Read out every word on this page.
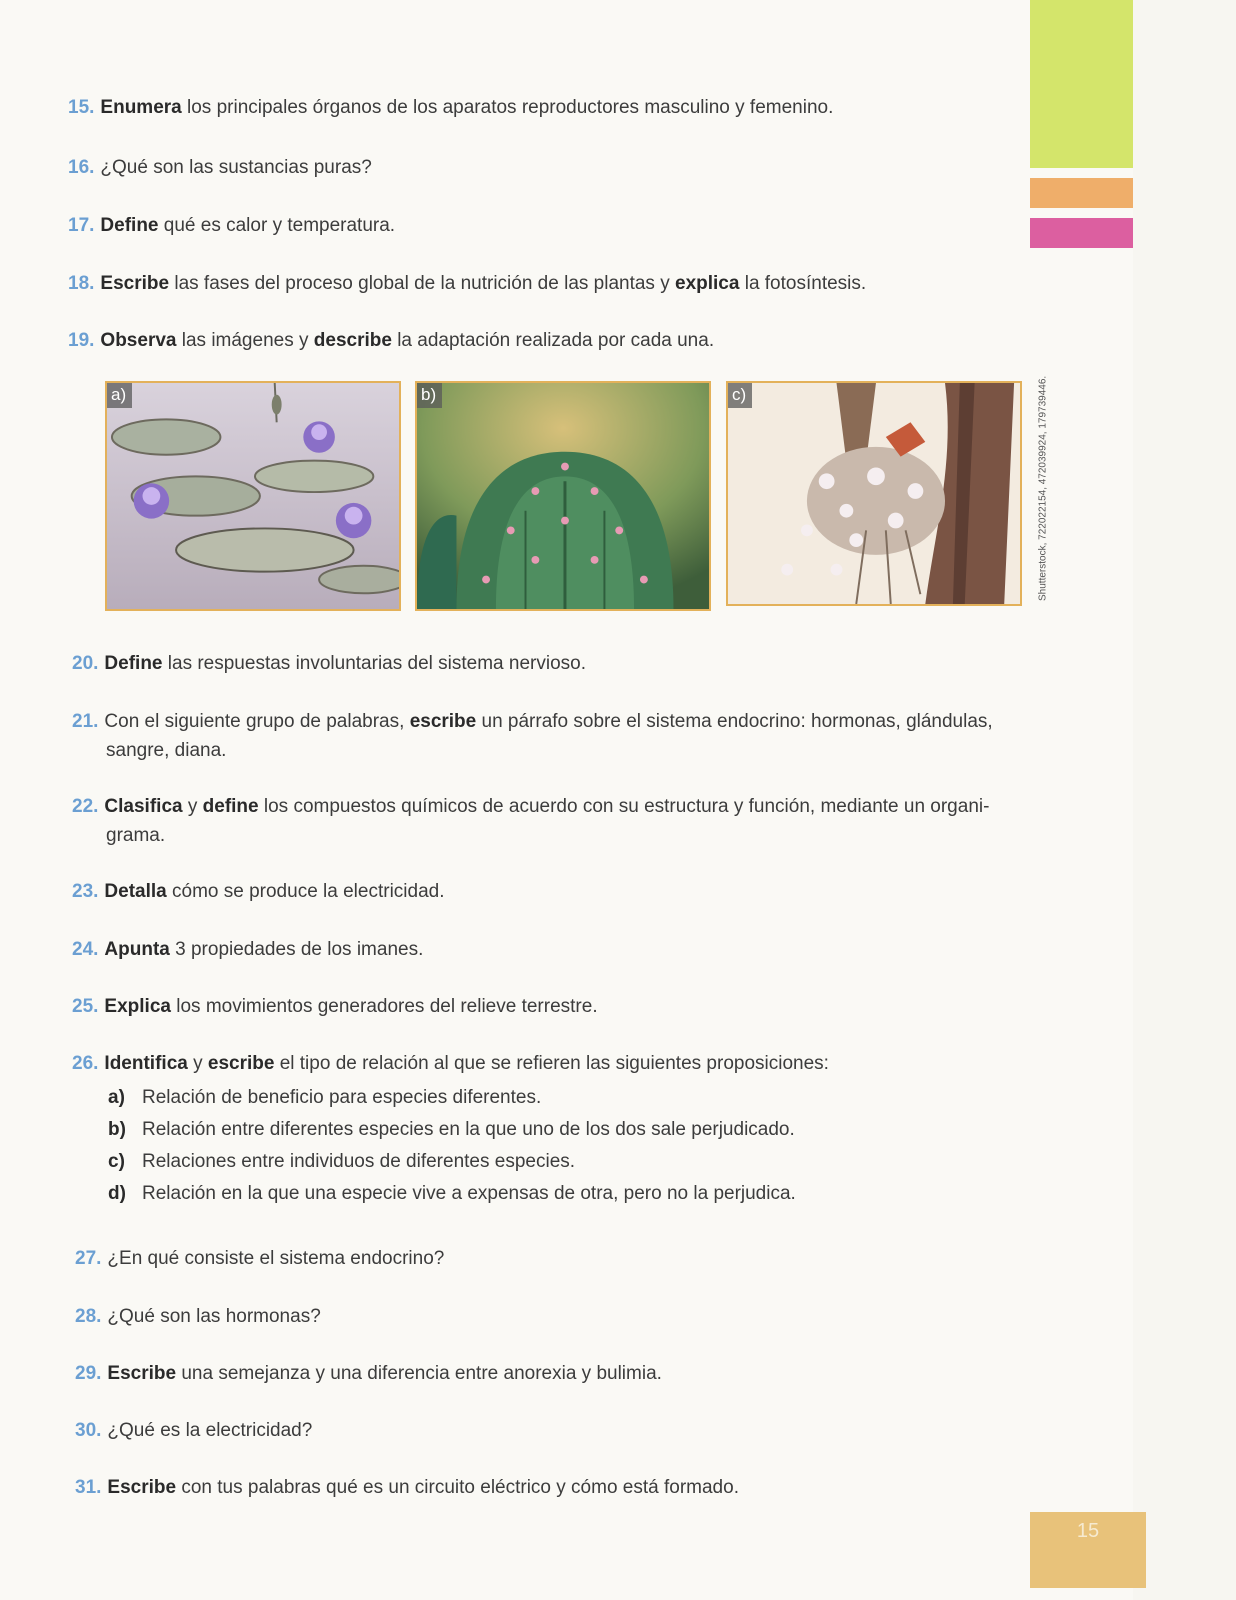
Shutterstock, 722022154, 472039924, 179739446.
15. Enumera los principales órganos de los aparatos reproductores masculino y femenino.
16. ¿Qué son las sustancias puras?
17. Define qué es calor y temperatura.
18. Escribe las fases del proceso global de la nutrición de las plantas y explica la fotosíntesis.
19. Observa las imágenes y describe la adaptación realizada por cada una.
a)	b)	c)
20. Define las respuestas involuntarias del sistema nervioso.
21. Con el siguiente grupo de palabras, escribe un párrafo sobre el sistema endocrino: hormonas, glándulas,
sangre, diana.
22. Clasifica y define los compuestos químicos de acuerdo con su estructura y función, mediante un organi-
grama.
23. Detalla cómo se produce la electricidad.
24. Apunta 3 propiedades de los imanes.
25. Explica los movimientos generadores del relieve terrestre.
26. Identifica y escribe el tipo de relación al que se refieren las siguientes proposiciones:
a) Relación de beneficio para especies diferentes.
b) Relación entre diferentes especies en la que uno de los dos sale perjudicado.
c) Relaciones entre individuos de diferentes especies.
d) Relación en la que una especie vive a expensas de otra, pero no la perjudica.
27. ¿En qué consiste el sistema endocrino?
28. ¿Qué son las hormonas?
29. Escribe una semejanza y una diferencia entre anorexia y bulimia.
30. ¿Qué es la electricidad?
31. Escribe con tus palabras qué es un circuito eléctrico y cómo está formado.
15
